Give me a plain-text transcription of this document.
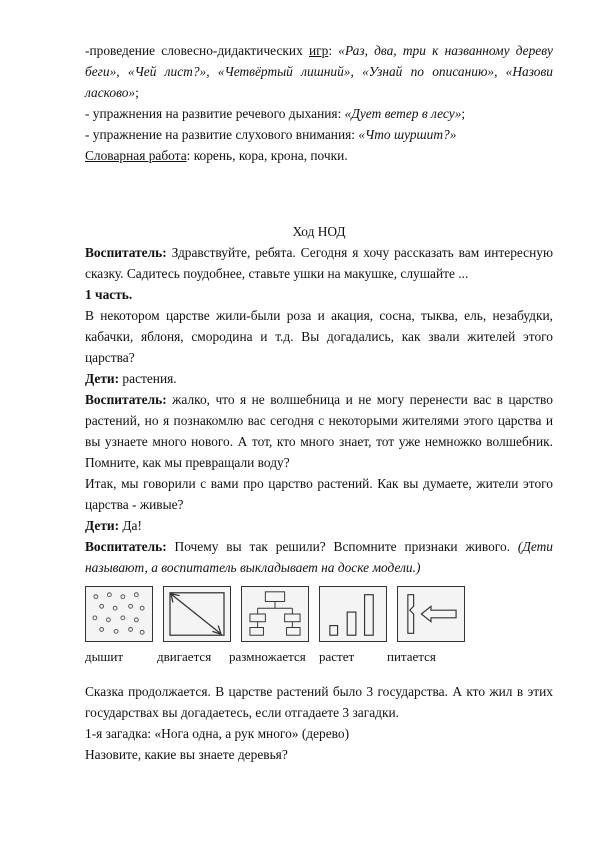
-проведение словесно-дидактических игр: «Раз, два, три к названному дереву беги», «Чей лист?», «Четвёртый лишний», «Узнай по описанию», «Назови ласково»;

- упражнения на развитие речевого дыхания: «Дует ветер в лесу»;

- упражнение на развитие слухового внимания: «Что шуршит?»

Словарная работа: корень, кора, крона, почки.

Ход НОД

Воспитатель: Здравствуйте, ребята. Сегодня я хочу рассказать вам интересную сказку. Садитесь поудобнее, ставьте ушки на макушке, слушайте ...

1 часть.

В некотором царстве жили-были роза и акация, сосна, тыква, ель, незабудки, кабачки, яблоня, смородина и т.д. Вы догадались, как звали жителей этого царства?

Дети: растения.

Воспитатель: жалко, что я не волшебница и не могу перенести вас в царство растений, но я познакомлю вас сегодня с некоторыми жителями этого царства и вы узнаете много нового. А тот, кто много знает, тот уже немножко волшебник. Помните, как мы превращали воду?

Итак, мы говорили с вами про царство растений. Как вы думаете, жители этого царства - живые?

Дети: Да!

Воспитатель: Почему вы так решили? Вспомните признаки живого. (Дети называют, а воспитатель выкладывает на доске модели.)

дышит	двигается	размножается	растет	питается

Сказка продолжается. В царстве растений было 3 государства. А кто жил в этих государствах вы догадаетесь, если отгадаете 3 загадки.

1-я загадка: «Нога одна, а рук много» (дерево)

Назовите, какие вы знаете деревья?
